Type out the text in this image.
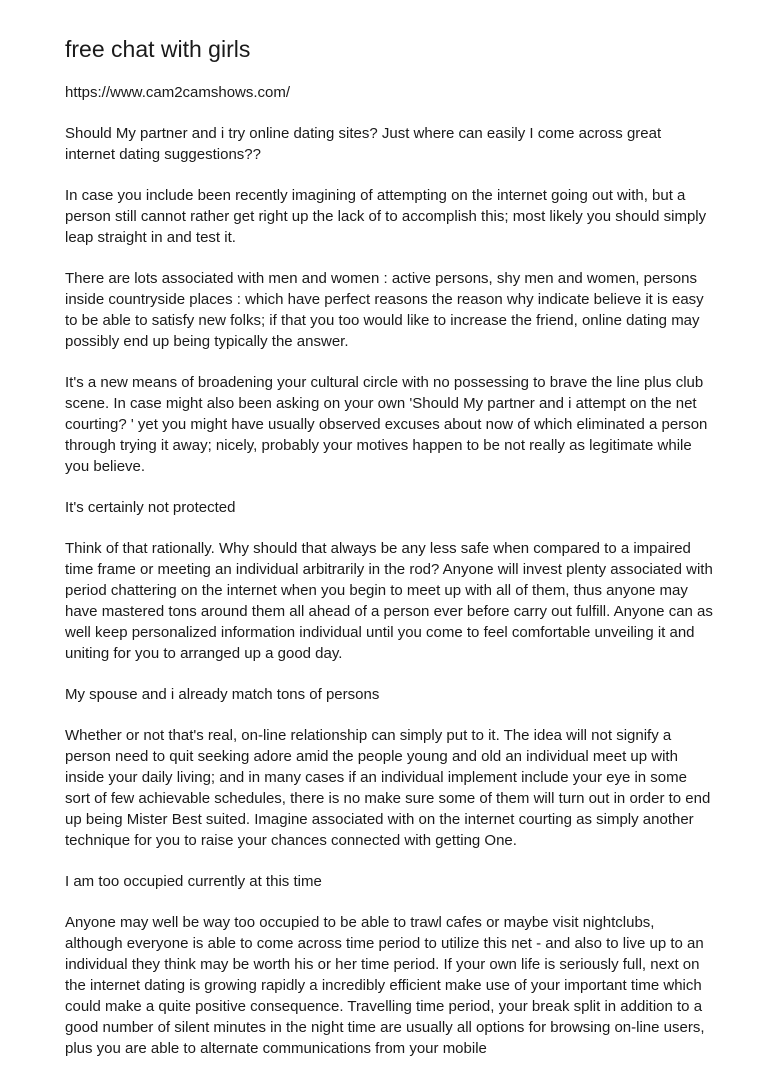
free chat with girls

https://www.cam2camshows.com/

Should My partner and i try online dating sites? Just where can easily I come across great internet dating suggestions??

In case you include been recently imagining of attempting on the internet going out with, but a person still cannot rather get right up the lack of to accomplish this; most likely you should simply leap straight in and test it.

There are lots associated with men and women : active persons, shy men and women, persons inside countryside places : which have perfect reasons the reason why indicate believe it is easy to be able to satisfy new folks; if that you too would like to increase the friend, online dating may possibly end up being typically the answer.

It's a new means of broadening your cultural circle with no possessing to brave the line plus club scene. In case might also been asking on your own 'Should My partner and i attempt on the net courting? ' yet you might have usually observed excuses about now of which eliminated a person through trying it away; nicely, probably your motives happen to be not really as legitimate while you believe.

It's certainly not protected

Think of that rationally. Why should that always be any less safe when compared to a impaired time frame or meeting an individual arbitrarily in the rod? Anyone will invest plenty associated with period chattering on the internet when you begin to meet up with all of them, thus anyone may have mastered tons around them all ahead of a person ever before carry out fulfill. Anyone can as well keep personalized information individual until you come to feel comfortable unveiling it and uniting for you to arranged up a good day.

My spouse and i already match tons of persons

Whether or not that's real, on-line relationship can simply put to it. The idea will not signify a person need to quit seeking adore amid the people young and old an individual meet up with inside your daily living; and in many cases if an individual implement include your eye in some sort of few achievable schedules, there is no make sure some of them will turn out in order to end up being Mister Best suited. Imagine associated with on the internet courting as simply another technique for you to raise your chances connected with getting One.

I am too occupied currently at this time

Anyone may well be way too occupied to be able to trawl cafes or maybe visit nightclubs, although everyone is able to come across time period to utilize this net - and also to live up to an individual they think may be worth his or her time period. If your own life is seriously full, next on the internet dating is growing rapidly a incredibly efficient make use of your important time which could make a quite positive consequence. Travelling time period, your break split in addition to a good number of silent minutes in the night time are usually all options for browsing on-line users, plus you are able to alternate communications from your mobile
